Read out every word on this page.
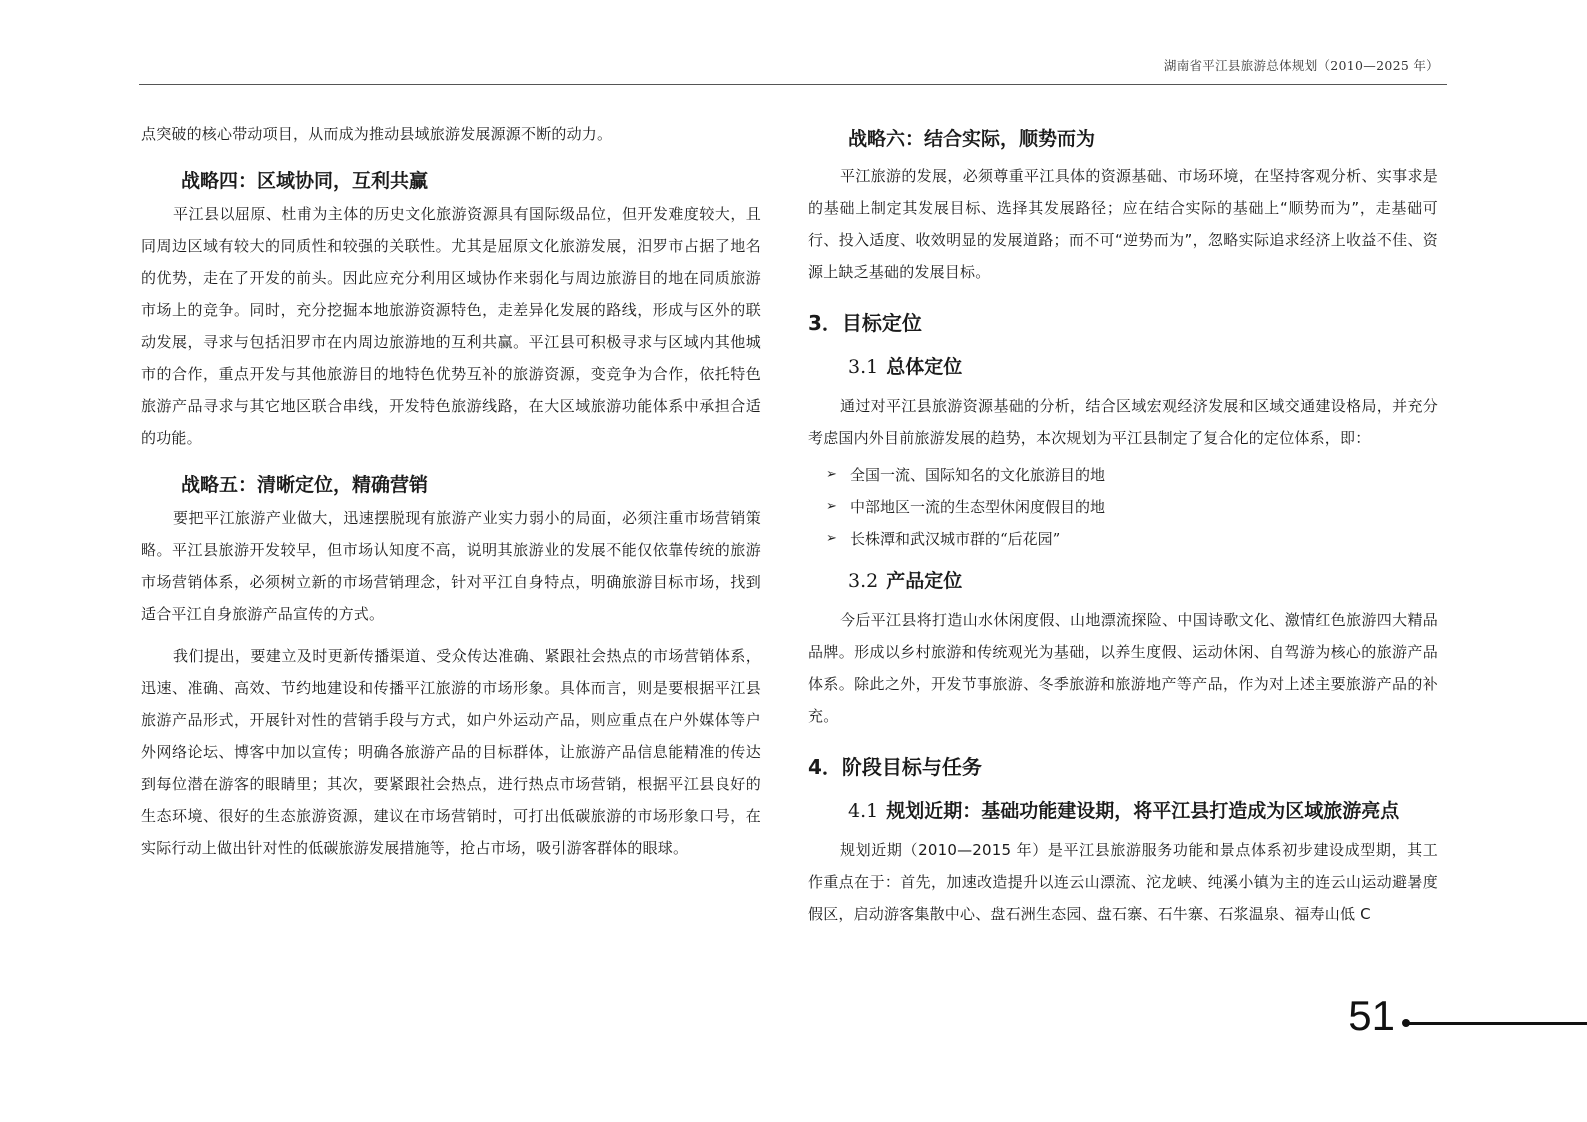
湖南省平江县旅游总体规划（2010—2025 年）

点突破的核心带动项目，从而成为推动县域旅游发展源源不断的动力。

战略四：区域协同，互利共赢

平江县以屈原、杜甫为主体的历史文化旅游资源具有国际级品位，但开发难度较大，且同周边区域有较大的同质性和较强的关联性。尤其是屈原文化旅游发展，汨罗市占据了地名的优势，走在了开发的前头。因此应充分利用区域协作来弱化与周边旅游目的地在同质旅游市场上的竞争。同时，充分挖掘本地旅游资源特色，走差异化发展的路线，形成与区外的联动发展，寻求与包括汨罗市在内周边旅游地的互利共赢。平江县可积极寻求与区域内其他城市的合作，重点开发与其他旅游目的地特色优势互补的旅游资源，变竞争为合作，依托特色旅游产品寻求与其它地区联合串线，开发特色旅游线路，在大区域旅游功能体系中承担合适的功能。

战略五：清晰定位，精确营销

要把平江旅游产业做大，迅速摆脱现有旅游产业实力弱小的局面，必须注重市场营销策略。平江县旅游开发较早，但市场认知度不高，说明其旅游业的发展不能仅依靠传统的旅游市场营销体系，必须树立新的市场营销理念，针对平江自身特点，明确旅游目标市场，找到适合平江自身旅游产品宣传的方式。

我们提出，要建立及时更新传播渠道、受众传达准确、紧跟社会热点的市场营销体系，迅速、准确、高效、节约地建设和传播平江旅游的市场形象。具体而言，则是要根据平江县旅游产品形式，开展针对性的营销手段与方式，如户外运动产品，则应重点在户外媒体等户外网络论坛、博客中加以宣传；明确各旅游产品的目标群体，让旅游产品信息能精准的传达到每位潜在游客的眼睛里；其次，要紧跟社会热点，进行热点市场营销，根据平江县良好的生态环境、很好的生态旅游资源，建议在市场营销时，可打出低碳旅游的市场形象口号，在实际行动上做出针对性的低碳旅游发展措施等，抢占市场，吸引游客群体的眼球。

战略六：结合实际，顺势而为

平江旅游的发展，必须尊重平江具体的资源基础、市场环境，在坚持客观分析、实事求是的基础上制定其发展目标、选择其发展路径；应在结合实际的基础上“顺势而为”，走基础可行、投入适度、收效明显的发展道路；而不可“逆势而为”，忽略实际追求经济上收益不佳、资源上缺乏基础的发展目标。

3．目标定位
3.1 总体定位

通过对平江县旅游资源基础的分析，结合区域宏观经济发展和区域交通建设格局，并充分考虑国内外目前旅游发展的趋势，本次规划为平江县制定了复合化的定位体系，即：

➢ 全国一流、国际知名的文化旅游目的地
➢ 中部地区一流的生态型休闲度假目的地
➢ 长株潭和武汉城市群的“后花园”
3.2 产品定位

今后平江县将打造山水休闲度假、山地漂流探险、中国诗歌文化、激情红色旅游四大精品品牌。形成以乡村旅游和传统观光为基础，以养生度假、运动休闲、自驾游为核心的旅游产品体系。除此之外，开发节事旅游、冬季旅游和旅游地产等产品，作为对上述主要旅游产品的补充。

4．阶段目标与任务
4.1 规划近期：基础功能建设期，将平江县打造成为区域旅游亮点

规划近期（2010—2015 年）是平江县旅游服务功能和景点体系初步建设成型期，其工作重点在于：首先，加速改造提升以连云山漂流、沱龙峡、纯溪小镇为主的连云山运动避暑度假区，启动游客集散中心、盘石洲生态园、盘石寨、石牛寨、石浆温泉、福寿山低 C

51
